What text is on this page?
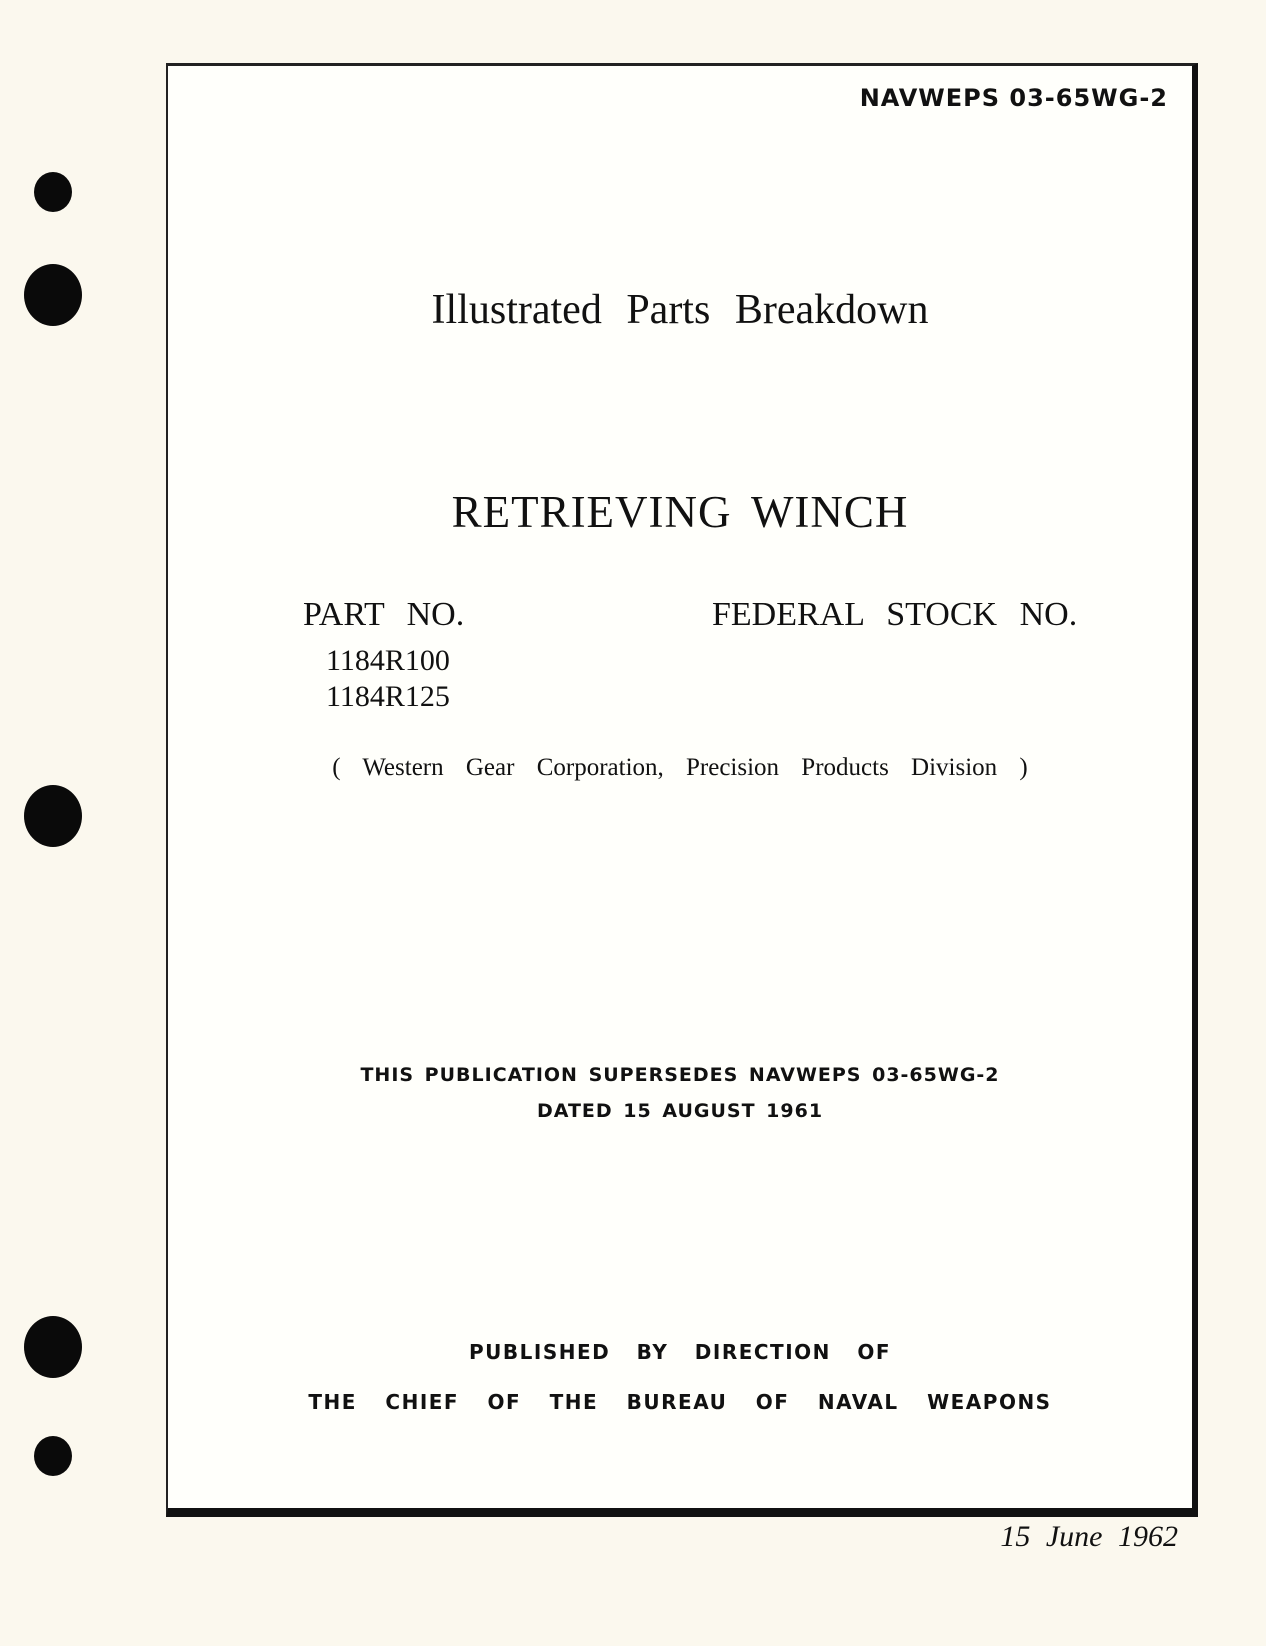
NAVWEPS 03-65WG-2
Illustrated Parts Breakdown
RETRIEVING WINCH
PART NO.	FEDERAL STOCK NO.
1184R100
1184R125
( Western Gear Corporation, Precision Products Division )
THIS PUBLICATION SUPERSEDES NAVWEPS 03-65WG-2
DATED 15 AUGUST 1961
PUBLISHED BY DIRECTION OF
THE CHIEF OF THE BUREAU OF NAVAL WEAPONS
15 June 1962
